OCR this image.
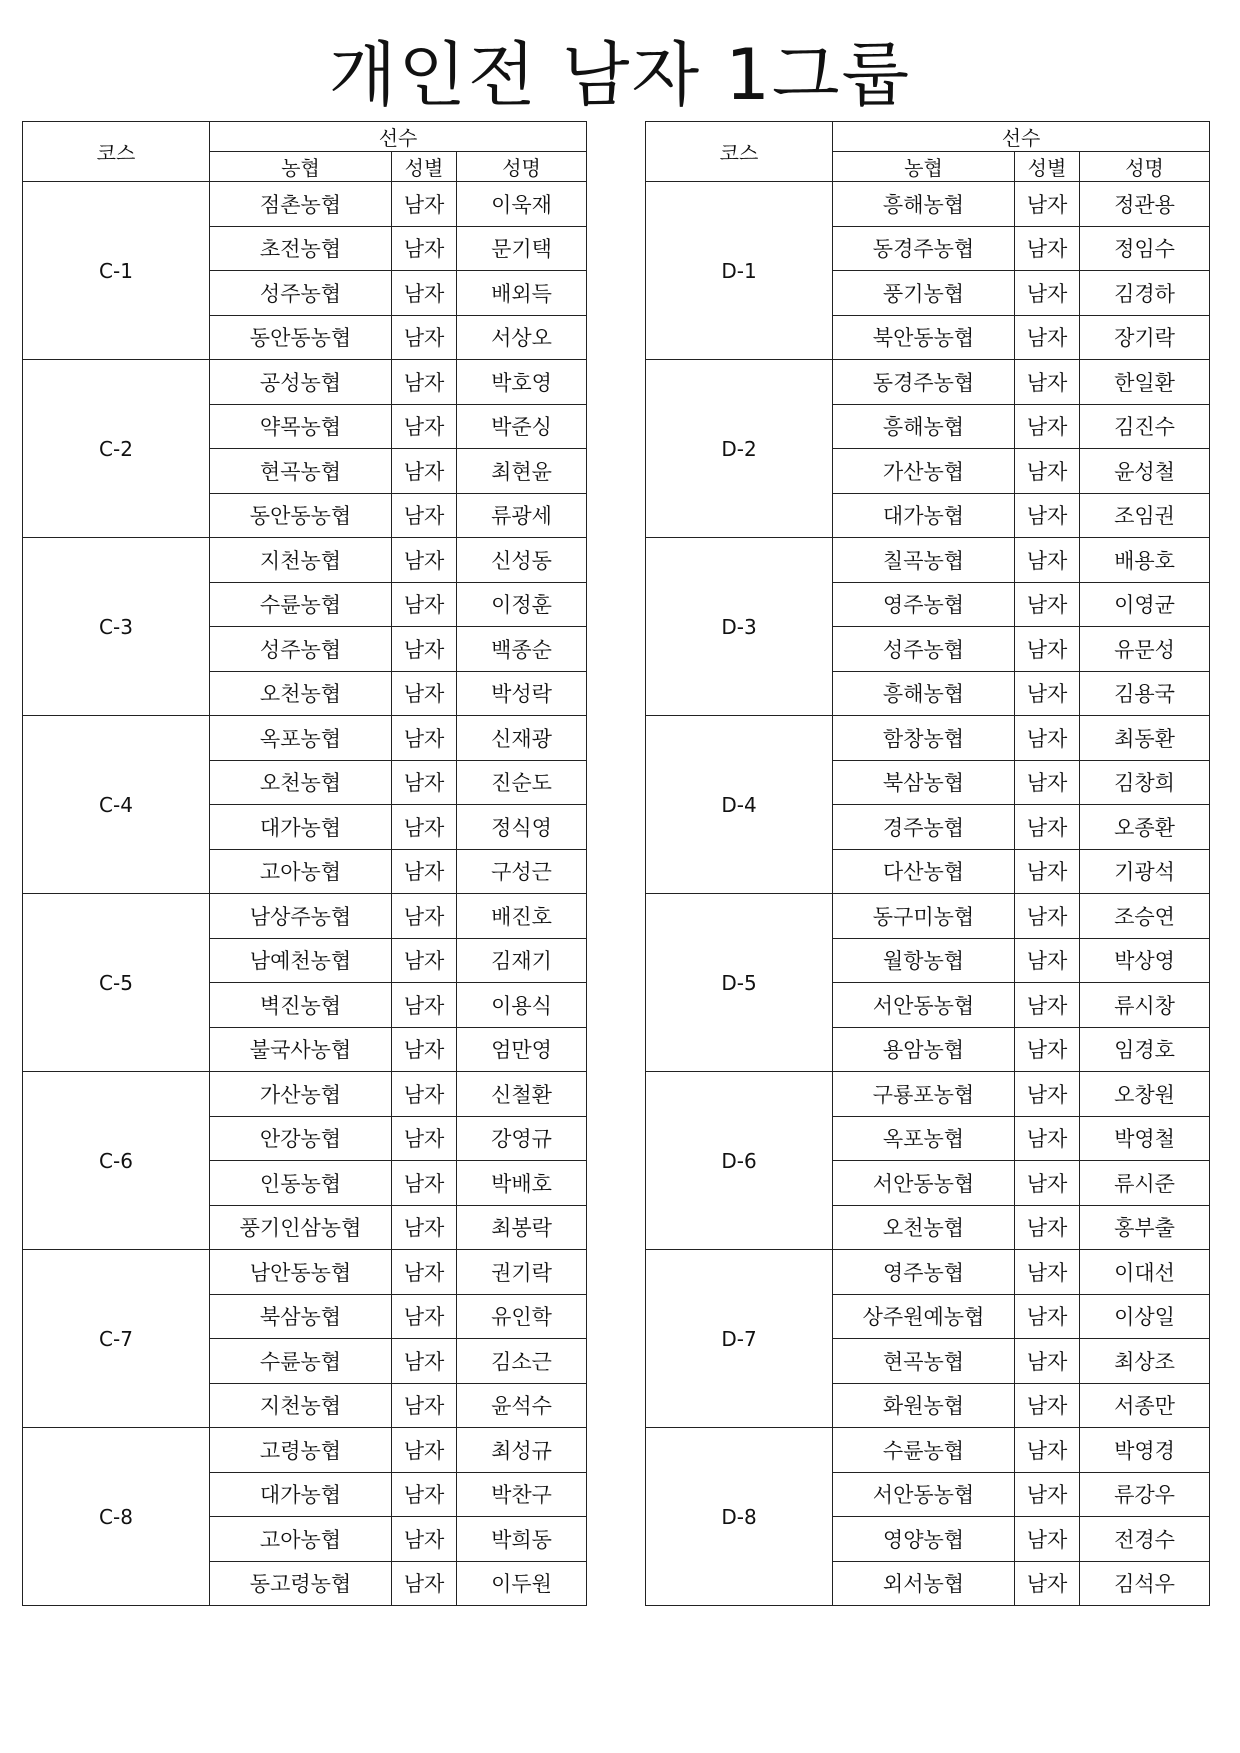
개인전 남자 1그룹
코스	선수		
	농협	성별	성명
C-1	점촌농협	남자	이욱재
	초전농협	남자	문기택
	성주농협	남자	배외득
	동안동농협	남자	서상오
C-2	공성농협	남자	박호영
	약목농협	남자	박준싱
	현곡농협	남자	최현윤
	동안동농협	남자	류광세
C-3	지천농협	남자	신성동
	수륜농협	남자	이정훈
	성주농협	남자	백종순
	오천농협	남자	박성락
C-4	옥포농협	남자	신재광
	오천농협	남자	진순도
	대가농협	남자	정식영
	고아농협	남자	구성근
C-5	남상주농협	남자	배진호
	남예천농협	남자	김재기
	벽진농협	남자	이용식
	불국사농협	남자	엄만영
C-6	가산농협	남자	신철환
	안강농협	남자	강영규
	인동농협	남자	박배호
	풍기인삼농협	남자	최봉락
C-7	남안동농협	남자	권기락
	북삼농협	남자	유인학
	수륜농협	남자	김소근
	지천농협	남자	윤석수
C-8	고령농협	남자	최성규
	대가농협	남자	박찬구
	고아농협	남자	박희동
	동고령농협	남자	이두원
코스	선수		
	농협	성별	성명
D-1	흥해농협	남자	정관용
	동경주농협	남자	정임수
	풍기농협	남자	김경하
	북안동농협	남자	장기락
D-2	동경주농협	남자	한일환
	흥해농협	남자	김진수
	가산농협	남자	윤성철
	대가농협	남자	조임권
D-3	칠곡농협	남자	배용호
	영주농협	남자	이영균
	성주농협	남자	유문성
	흥해농협	남자	김용국
D-4	함창농협	남자	최동환
	북삼농협	남자	김창희
	경주농협	남자	오종환
	다산농협	남자	기광석
D-5	동구미농협	남자	조승연
	월항농협	남자	박상영
	서안동농협	남자	류시창
	용암농협	남자	임경호
D-6	구룡포농협	남자	오창원
	옥포농협	남자	박영철
	서안동농협	남자	류시준
	오천농협	남자	홍부출
D-7	영주농협	남자	이대선
	상주원예농협	남자	이상일
	현곡농협	남자	최상조
	화원농협	남자	서종만
D-8	수륜농협	남자	박영경
	서안동농협	남자	류강우
	영양농협	남자	전경수
	외서농협	남자	김석우
